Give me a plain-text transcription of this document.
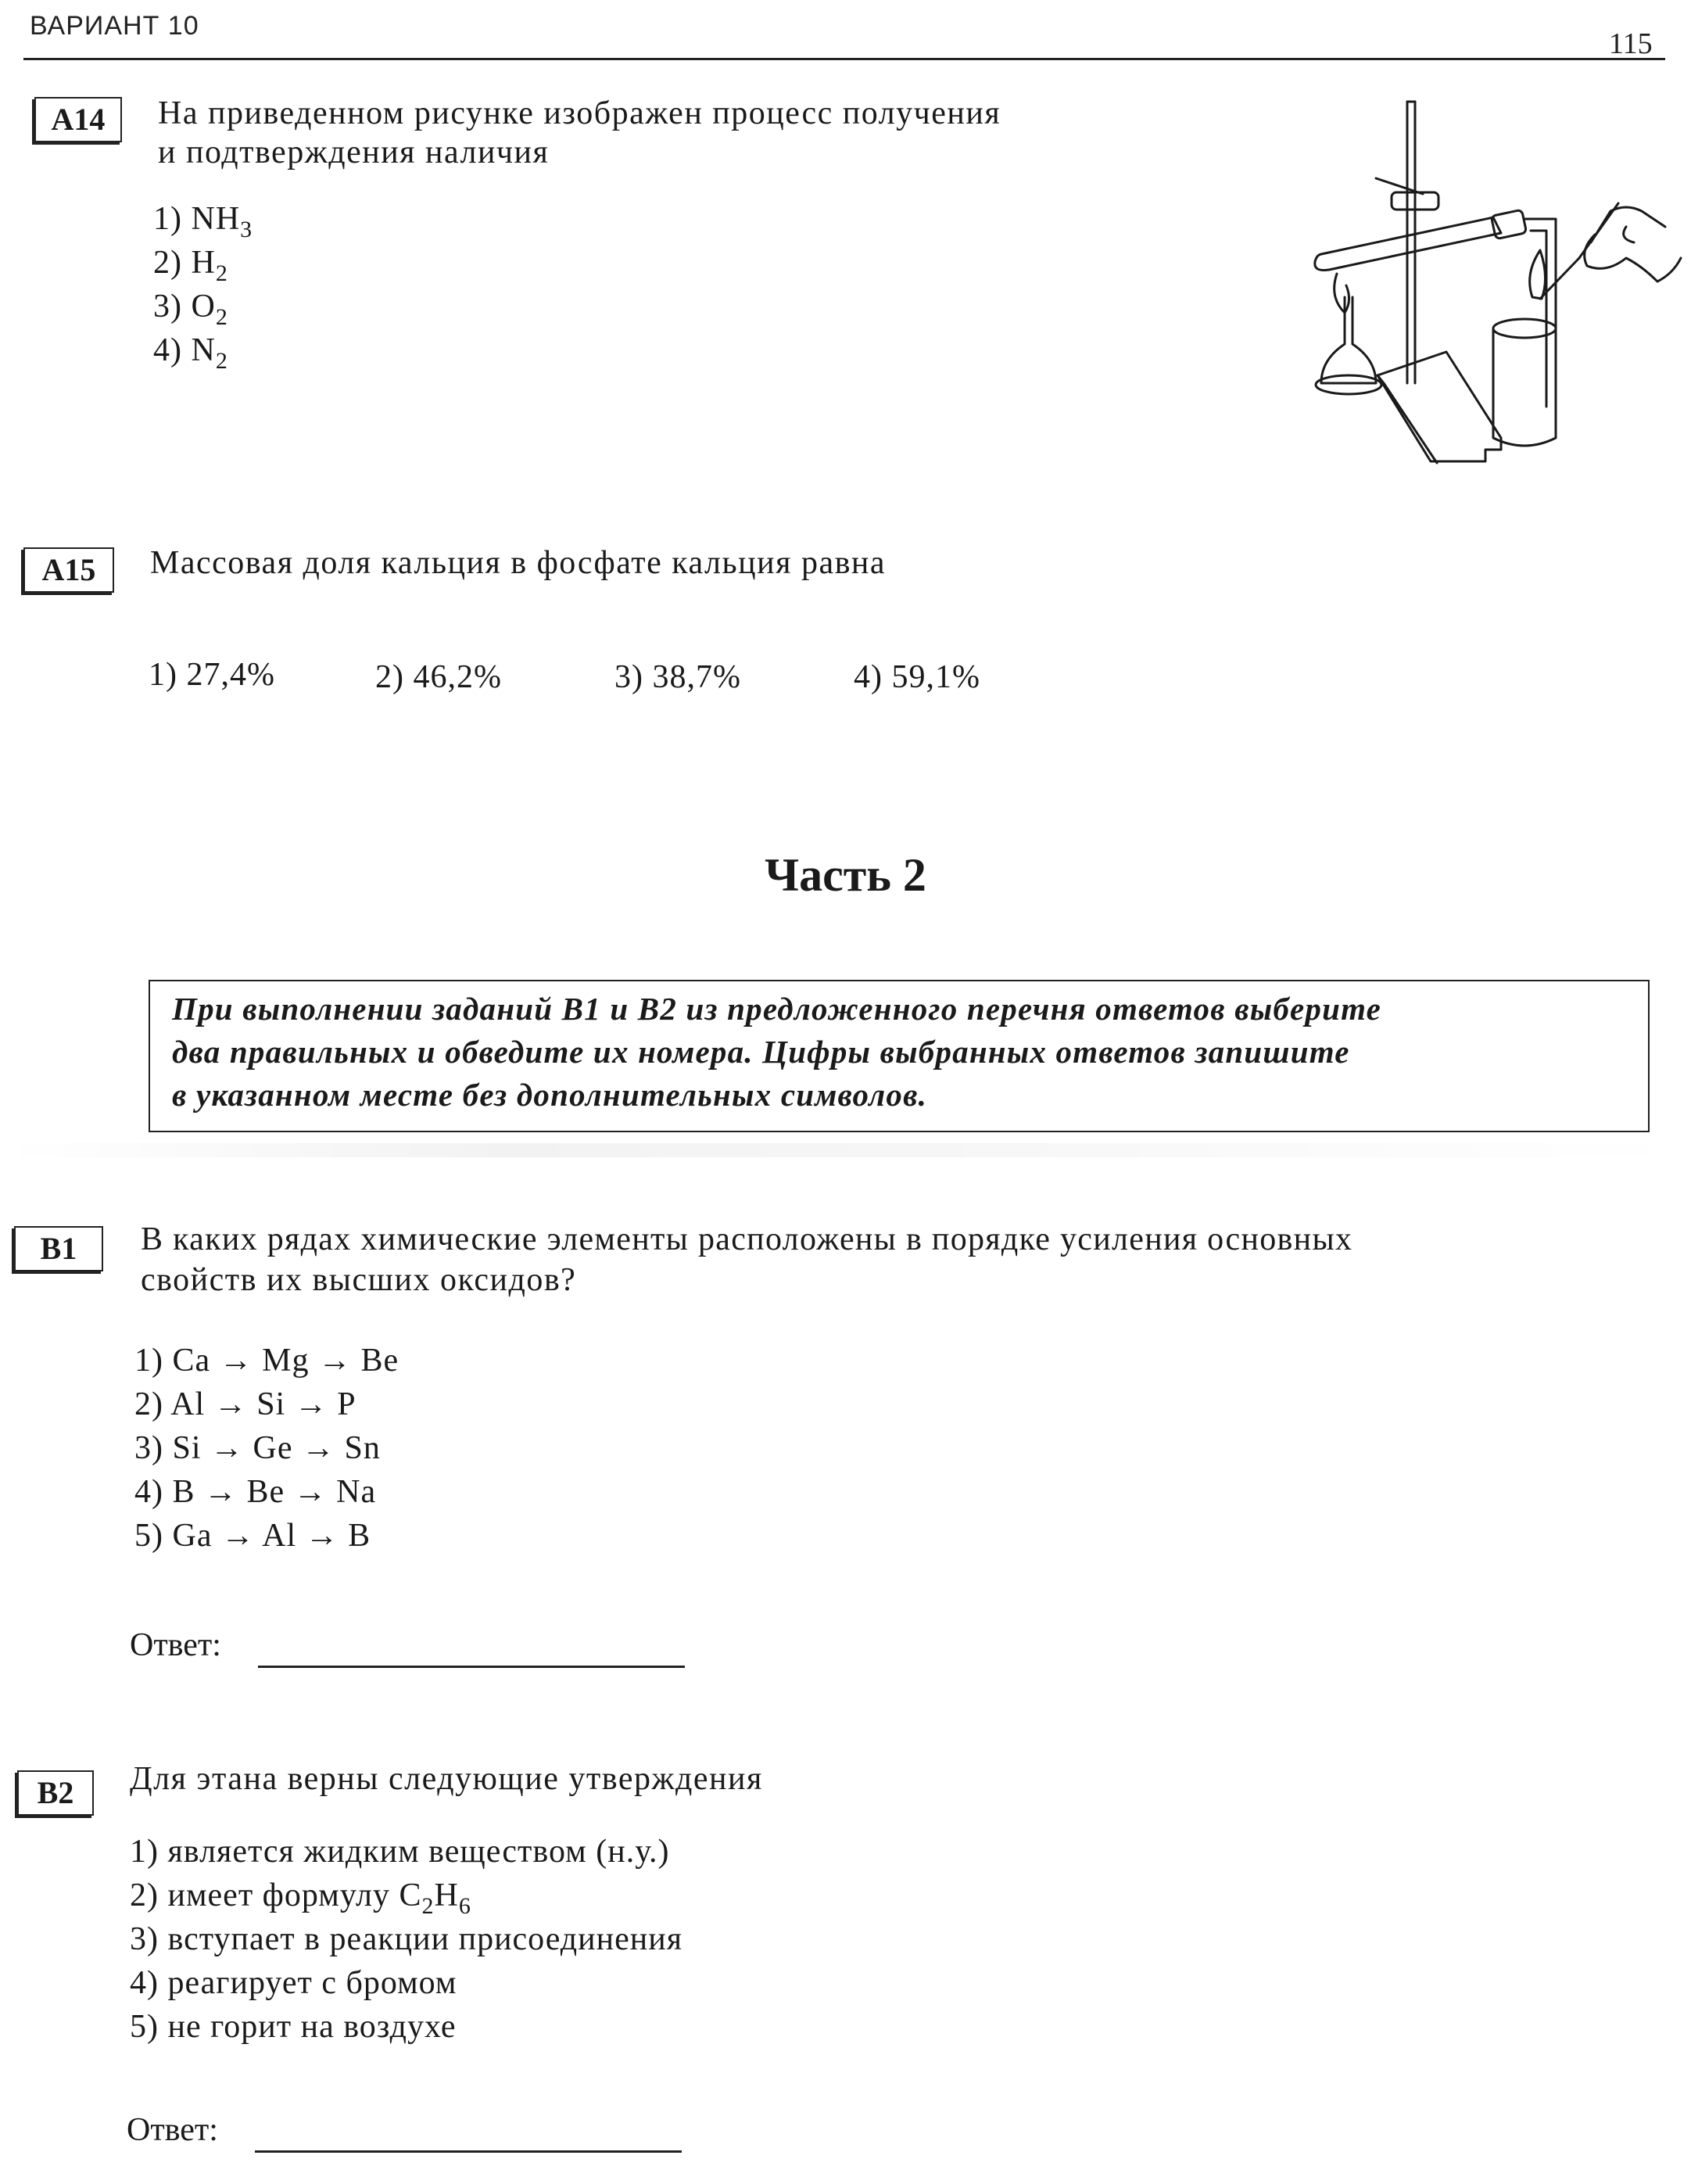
ВАРИАНТ 10
115
А14	На приведенном рисунке изображен процесс получения
и подтверждения наличия
1) $NH_3$
2) $H_2$
3) $O_2$
4) $N_2$
А15	Массовая доля кальция в фосфате кальция равна
1) 27,4%	2) 46,2%	3) 38,7%	4) 59,1%
Часть 2
При выполнении заданий В1 и В2 из предложенного перечня ответов выберите
два правильных и обведите их номера. Цифры выбранных ответов запишите
в указанном месте без дополнительных символов.
В1	В каких рядах химические элементы расположены в порядке усиления основных
свойств их высших оксидов?
1) Ca → Mg → Be
2) Al → Si → P
3) Si → Ge → Sn
4) B → Be → Na
5) Ga → Al → B
Ответ:
В2	Для этана верны следующие утверждения
1) является жидким веществом (н.у.)
2) имеет формулу $C_2H_6$
3) вступает в реакции присоединения
4) реагирует с бромом
5) не горит на воздухе
Ответ:
